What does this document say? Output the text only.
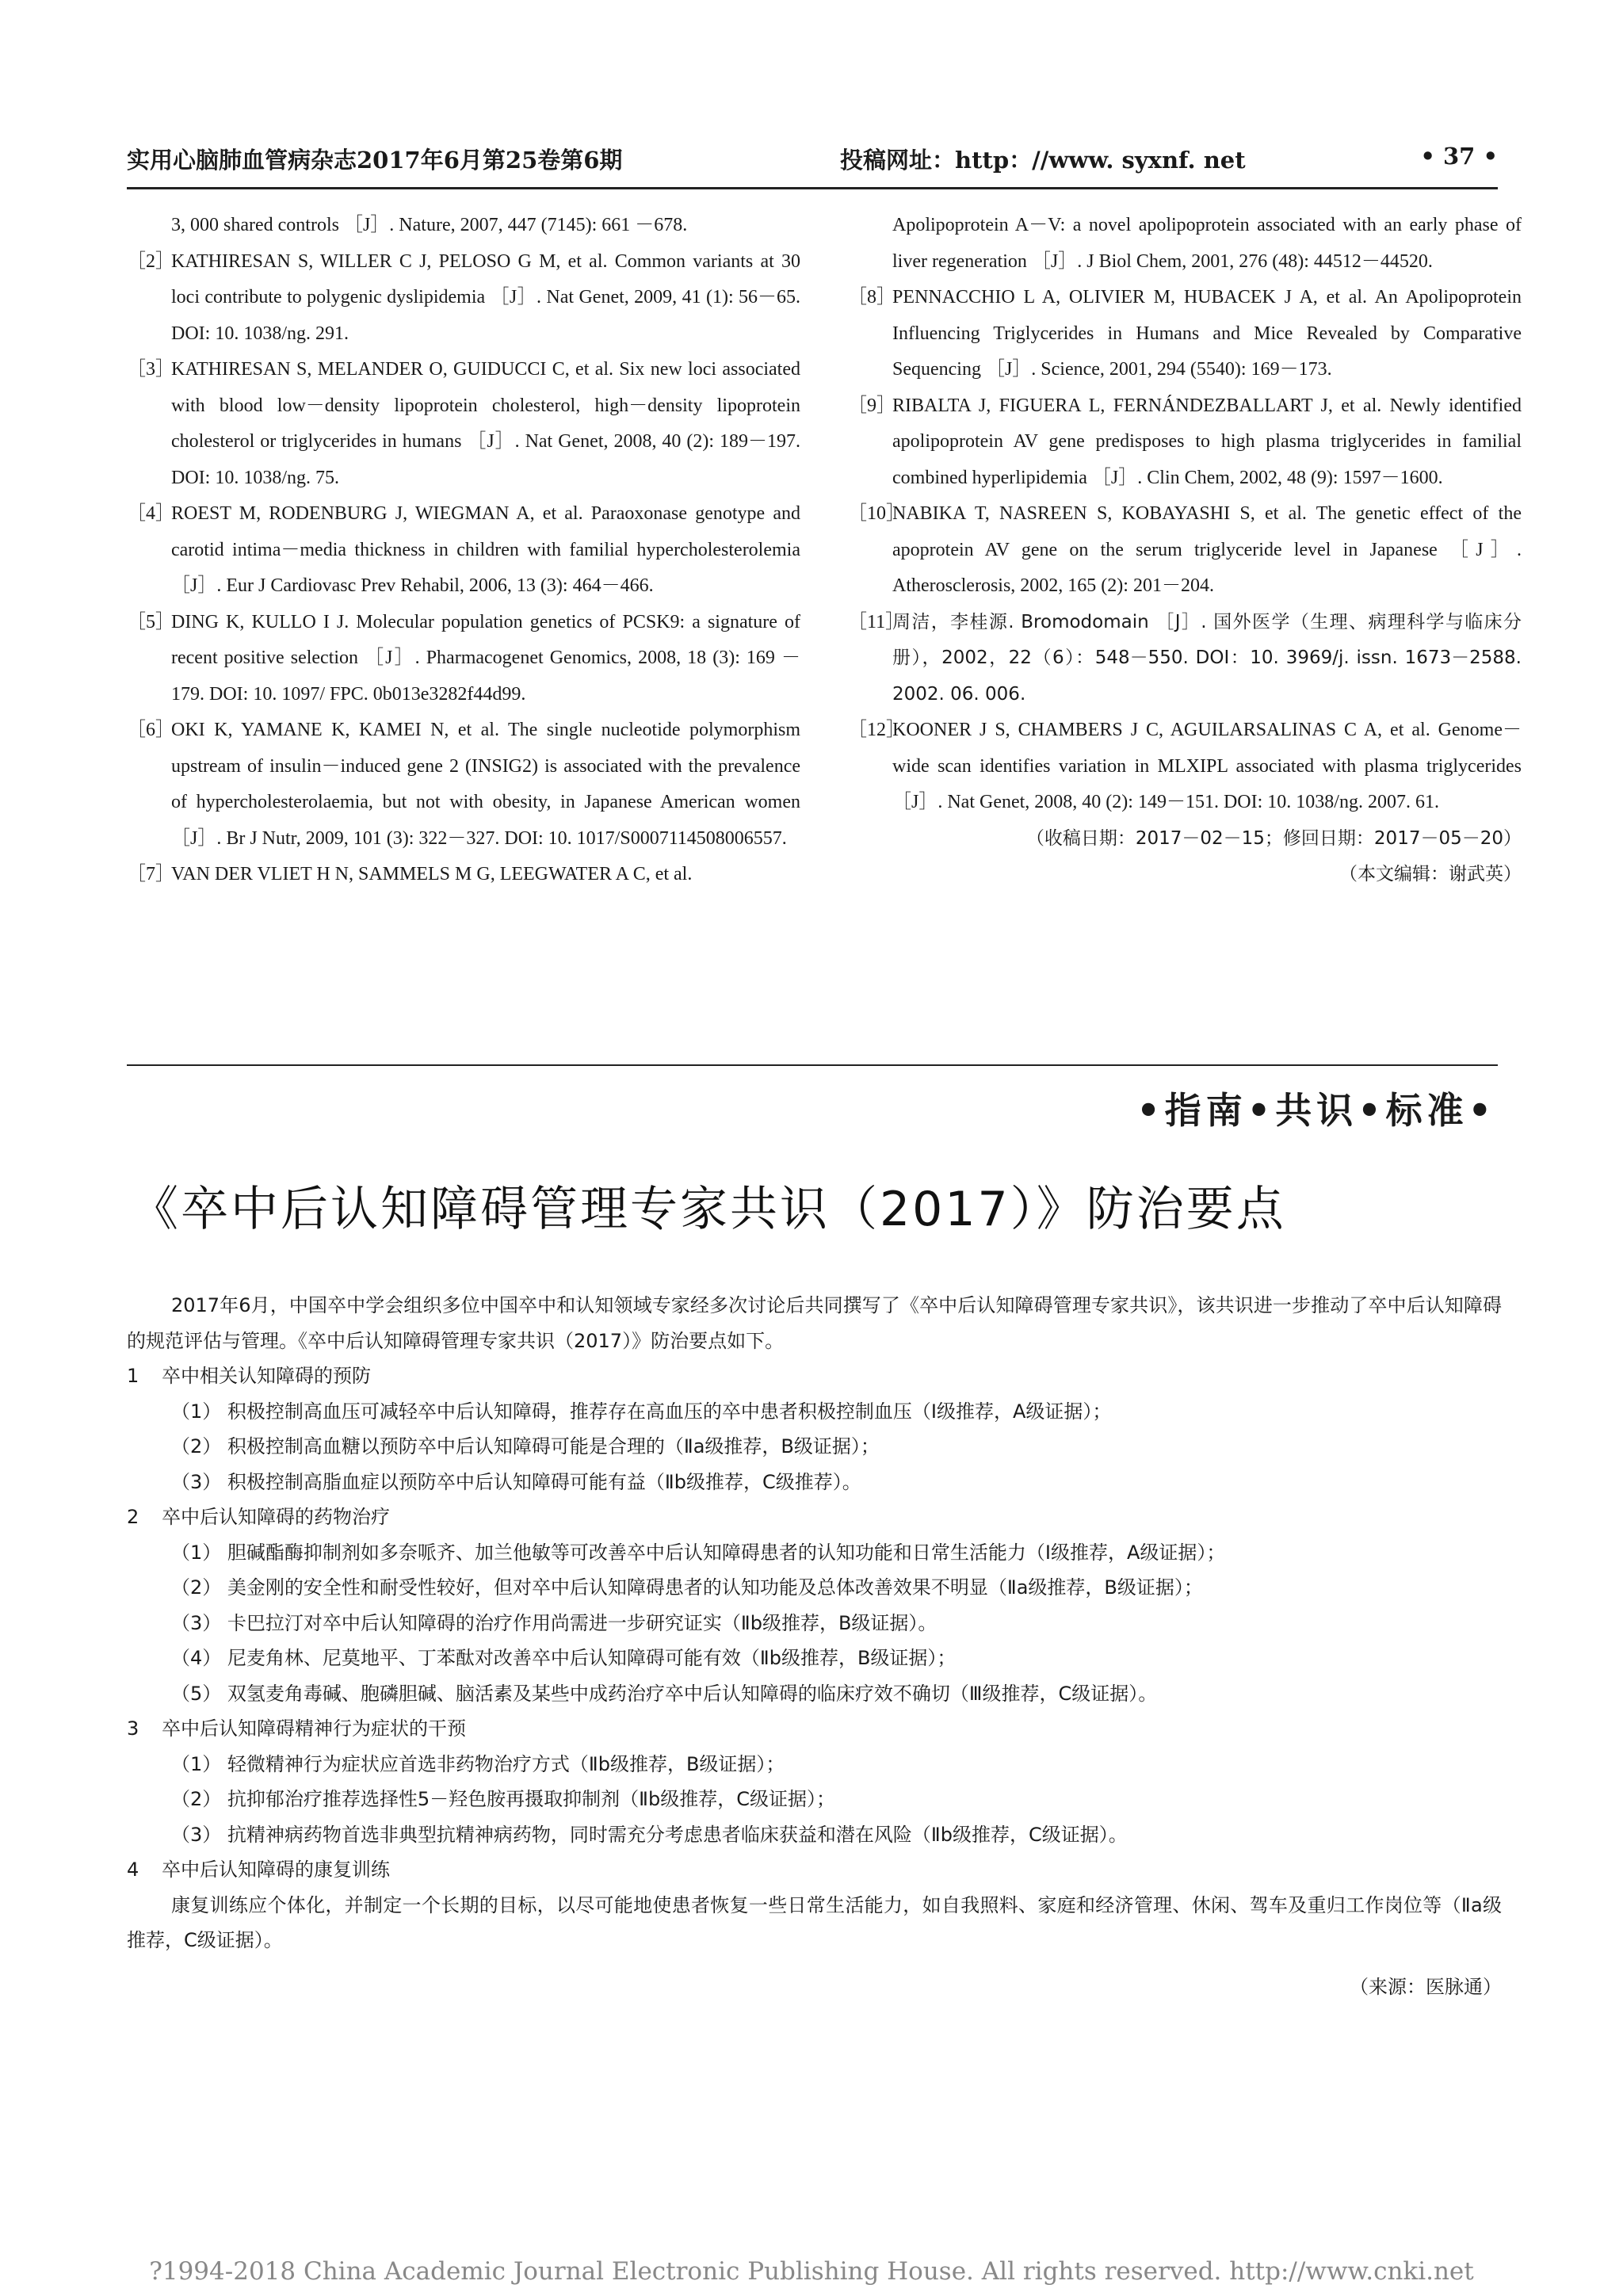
实用心脑肺血管病杂志2017年6月第25卷第6期	投稿网址：http：//www. syxnf. net	• 37 •
3, 000 shared controls ［J］. Nature, 2007, 447 (7145): 661 －678.
［2］
KATHIRESAN S, WILLER C J, PELOSO G M, et al. Common variants at 30 loci contribute to polygenic dyslipidemia ［J］. Nat Genet, 2009, 41 (1): 56－65. DOI: 10. 1038/ng. 291.
［3］
KATHIRESAN S, MELANDER O, GUIDUCCI C, et al. Six new loci associated with blood low－density lipoprotein cholesterol, high－density lipoprotein cholesterol or triglycerides in humans ［J］. Nat Genet, 2008, 40 (2): 189－197. DOI: 10. 1038/ng. 75.
［4］
ROEST M, RODENBURG J, WIEGMAN A, et al. Paraoxonase genotype and carotid intima－media thickness in children with familial hypercholesterolemia ［J］. Eur J Cardiovasc Prev Rehabil, 2006, 13 (3): 464－466.
［5］
DING K, KULLO I J. Molecular population genetics of PCSK9: a signature of recent positive selection ［J］. Pharmacogenet Genomics, 2008, 18 (3): 169 － 179. DOI: 10. 1097/ FPC. 0b013e3282f44d99.
［6］
OKI K, YAMANE K, KAMEI N, et al. The single nucleotide polymorphism upstream of insulin－induced gene 2 (INSIG2) is associated with the prevalence of hypercholesterolaemia, but not with obesity, in Japanese American women ［J］. Br J Nutr, 2009, 101 (3): 322－327. DOI: 10. 1017/S0007114508006557.
［7］
VAN DER VLIET H N, SAMMELS M G, LEEGWATER A C, et al.
Apolipoprotein A－V: a novel apolipoprotein associated with an early phase of liver regeneration ［J］. J Biol Chem, 2001, 276 (48): 44512－44520.
［8］
PENNACCHIO L A, OLIVIER M, HUBACEK J A, et al. An Apolipoprotein Influencing Triglycerides in Humans and Mice Revealed by Comparative Sequencing ［J］. Science, 2001, 294 (5540): 169－173.
［9］
RIBALTA J, FIGUERA L, FERNÁNDEZBALLART J, et al. Newly identified apolipoprotein AV gene predisposes to high plasma triglycerides in familial combined hyperlipidemia ［J］. Clin Chem, 2002, 48 (9): 1597－1600.
［10］
NABIKA T, NASREEN S, KOBAYASHI S, et al. The genetic effect of the apoprotein AV gene on the serum triglyceride level in Japanese ［J］. Atherosclerosis, 2002, 165 (2): 201－204.
［11］
周洁，李桂源. Bromodomain ［J］. 国外医学（生理、病理科学与临床分册），2002，22（6）：548－550. DOI：10. 3969/j. issn. 1673－2588. 2002. 06. 006.
［12］
KOONER J S, CHAMBERS J C, AGUILARSALINAS C A, et al. Genome－wide scan identifies variation in MLXIPL associated with plasma triglycerides ［J］. Nat Genet, 2008, 40 (2): 149－151. DOI: 10. 1038/ng. 2007. 61.
（收稿日期：2017－02－15；修回日期：2017－05－20）
（本文编辑：谢武英）
•指南•共识•标准•
《卒中后认知障碍管理专家共识（2017）》防治要点
2017年6月，中国卒中学会组织多位中国卒中和认知领域专家经多次讨论后共同撰写了《卒中后认知障碍管理专家共识》，该共识进一步推动了卒中后认知障碍的规范评估与管理。《卒中后认知障碍管理专家共识（2017）》防治要点如下。
1 卒中相关认知障碍的预防
（1） 积极控制高血压可减轻卒中后认知障碍，推荐存在高血压的卒中患者积极控制血压（Ⅰ级推荐，A级证据）；
（2） 积极控制高血糖以预防卒中后认知障碍可能是合理的（Ⅱa级推荐，B级证据）；
（3） 积极控制高脂血症以预防卒中后认知障碍可能有益（Ⅱb级推荐，C级推荐）。
2 卒中后认知障碍的药物治疗
（1） 胆碱酯酶抑制剂如多奈哌齐、加兰他敏等可改善卒中后认知障碍患者的认知功能和日常生活能力（Ⅰ级推荐，A级证据）；
（2） 美金刚的安全性和耐受性较好，但对卒中后认知障碍患者的认知功能及总体改善效果不明显（Ⅱa级推荐，B级证据）；
（3） 卡巴拉汀对卒中后认知障碍的治疗作用尚需进一步研究证实（Ⅱb级推荐，B级证据）。
（4） 尼麦角林、尼莫地平、丁苯酞对改善卒中后认知障碍可能有效（Ⅱb级推荐，B级证据）；
（5） 双氢麦角毒碱、胞磷胆碱、脑活素及某些中成药治疗卒中后认知障碍的临床疗效不确切（Ⅲ级推荐，C级证据）。
3 卒中后认知障碍精神行为症状的干预
（1） 轻微精神行为症状应首选非药物治疗方式（Ⅱb级推荐，B级证据）；
（2） 抗抑郁治疗推荐选择性5－羟色胺再摄取抑制剂（Ⅱb级推荐，C级证据）；
（3） 抗精神病药物首选非典型抗精神病药物，同时需充分考虑患者临床获益和潜在风险（Ⅱb级推荐，C级证据）。
4 卒中后认知障碍的康复训练
康复训练应个体化，并制定一个长期的目标，以尽可能地使患者恢复一些日常生活能力，如自我照料、家庭和经济管理、休闲、驾车及重归工作岗位等（Ⅱa级推荐，C级证据）。
（来源：医脉通）
?1994-2018 China Academic Journal Electronic Publishing House. All rights reserved. http://www.cnki.net
